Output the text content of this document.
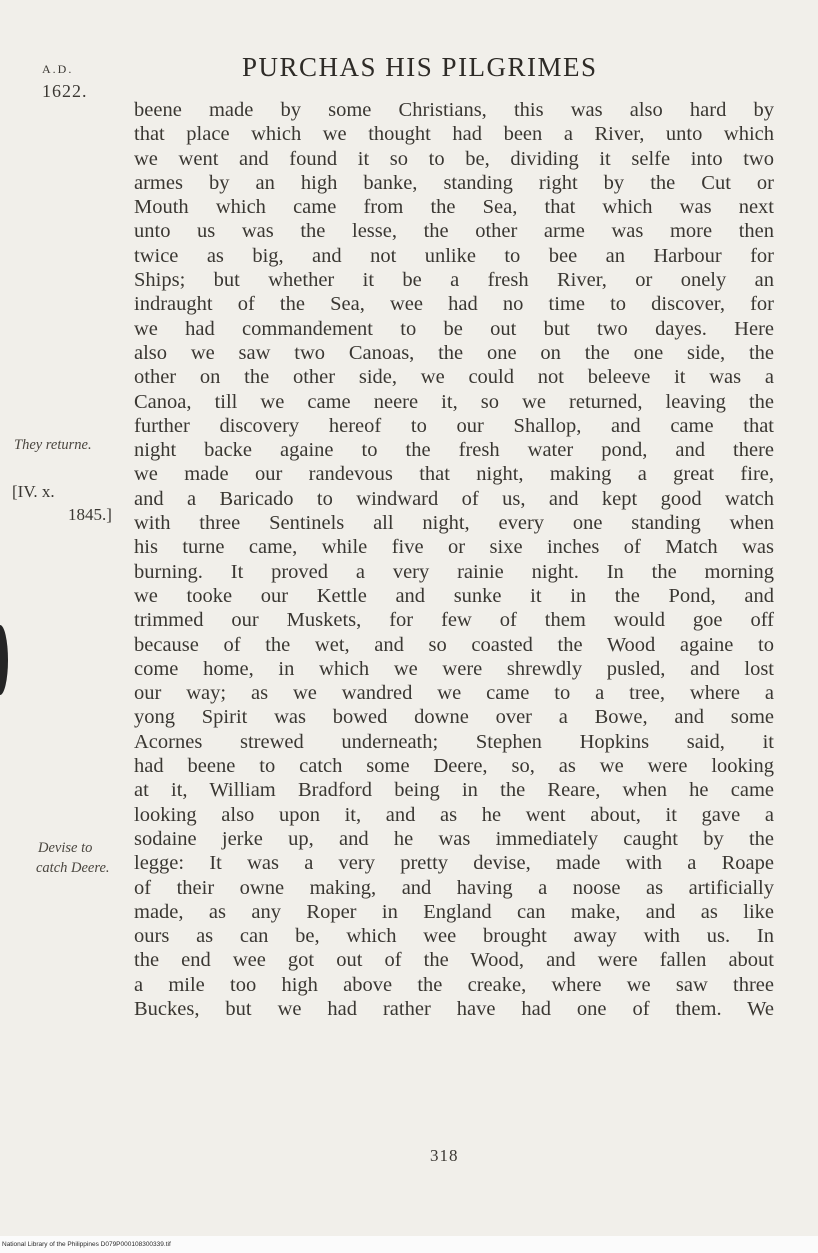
A.D.
1622.
PURCHAS HIS PILGRIMES
beene made by some Christians, this was also hard by
that place which we thought had been a River, unto which
we went and found it so to be, dividing it selfe into two
armes by an high banke, standing right by the Cut or
Mouth which came from the Sea, that which was next
unto us was the lesse, the other arme was more then
twice as big, and not unlike to bee an Harbour for
Ships; but whether it be a fresh River, or onely an
indraught of the Sea, wee had no time to discover, for
we had commandement to be out but two dayes. Here
also we saw two Canoas, the one on the one side, the
other on the other side, we could not beleeve it was a
Canoa, till we came neere it, so we returned, leaving the
further discovery hereof to our Shallop, and came that
night backe againe to the fresh water pond, and there
we made our randevous that night, making a great fire,
and a Baricado to windward of us, and kept good watch
with three Sentinels all night, every one standing when
his turne came, while five or sixe inches of Match was
burning. It proved a very rainie night. In the morning
we tooke our Kettle and sunke it in the Pond, and
trimmed our Muskets, for few of them would goe off
because of the wet, and so coasted the Wood againe to
come home, in which we were shrewdly pusled, and lost
our way; as we wandred we came to a tree, where a
yong Spirit was bowed downe over a Bowe, and some
Acornes strewed underneath; Stephen Hopkins said, it
had beene to catch some Deere, so, as we were looking
at it, William Bradford being in the Reare, when he came
looking also upon it, and as he went about, it gave a
sodaine jerke up, and he was immediately caught by the
legge: It was a very pretty devise, made with a Roape
of their owne making, and having a noose as artificially
made, as any Roper in England can make, and as like
ours as can be, which wee brought away with us. In
the end wee got out of the Wood, and were fallen about
a mile too high above the creake, where we saw three
Buckes, but we had rather have had one of them. We
They returne.
[IV. x.
1845.]
Devise to
catch Deere.
318
National Library of the Philippines D079P000108300339.tif
